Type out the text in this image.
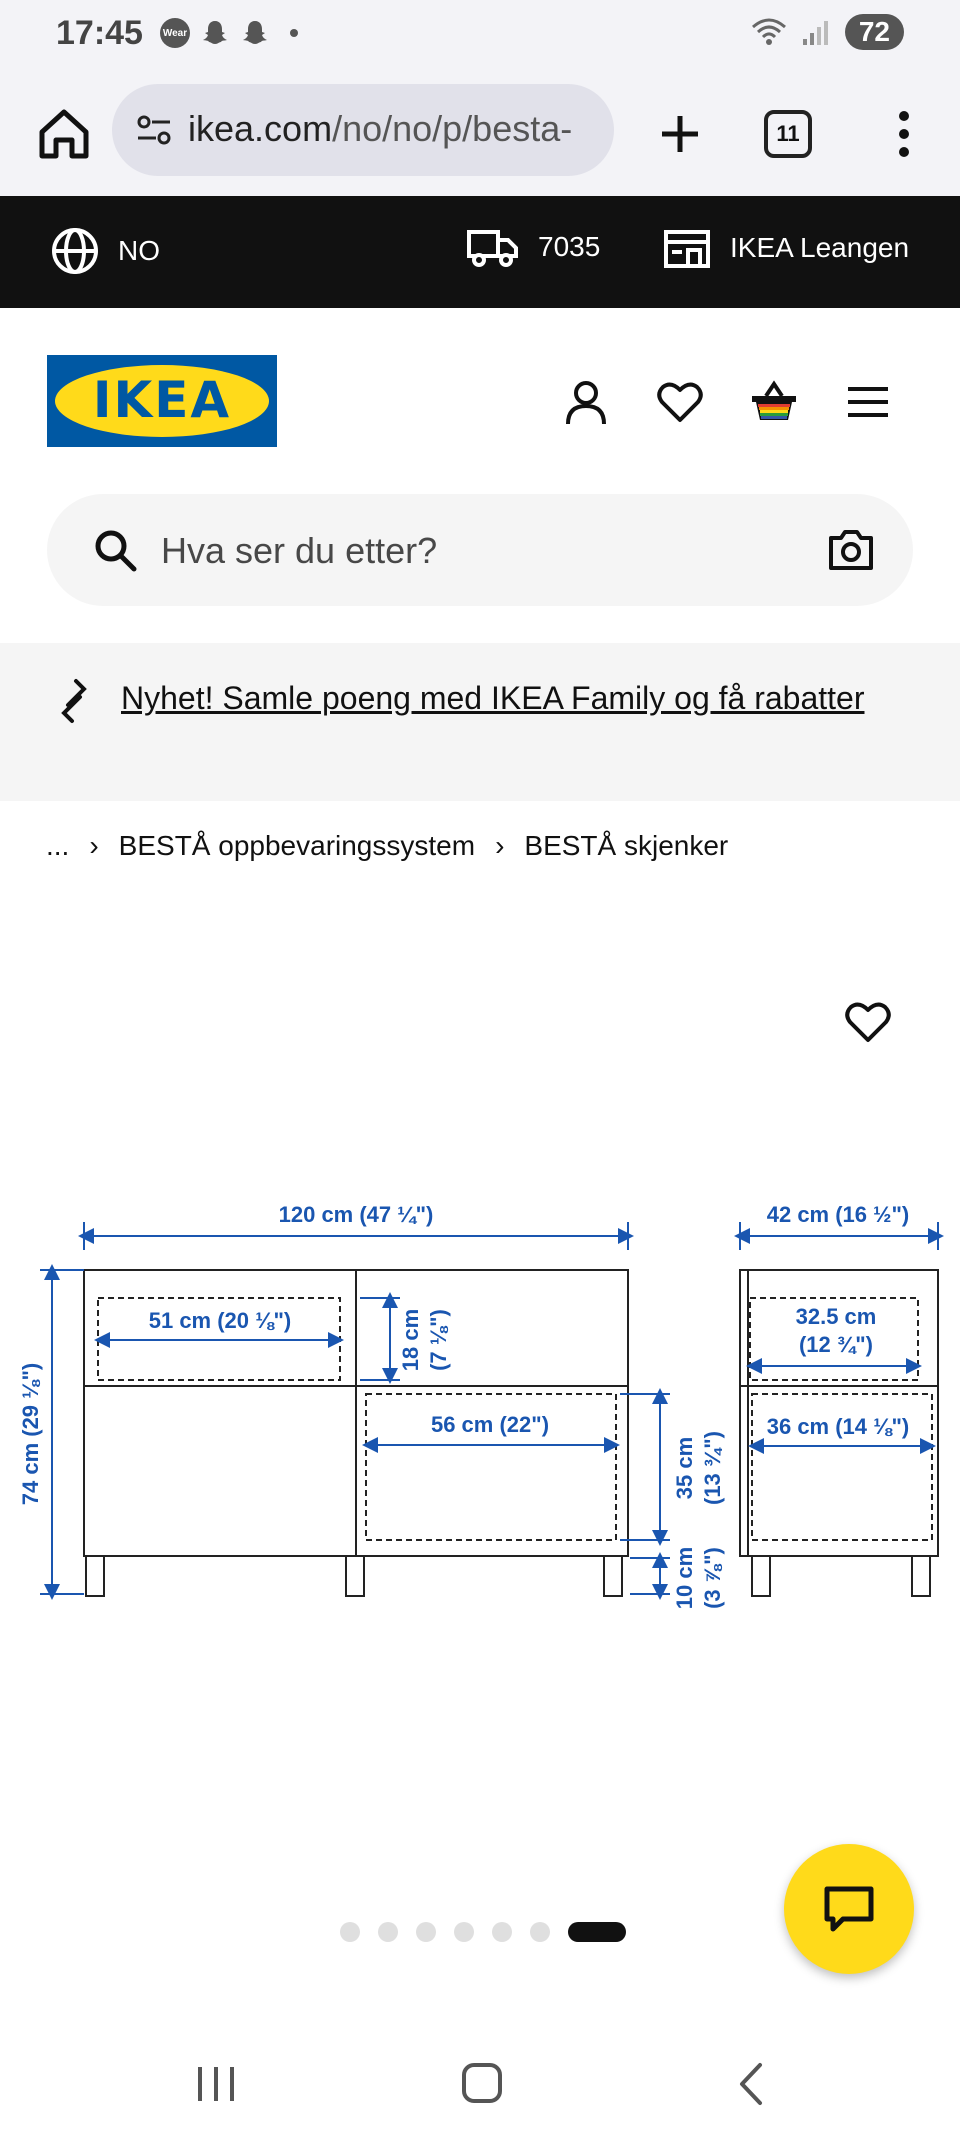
17:45 Wear	72
ikea.com/no/no/p/besta-	11
NO	7035	IKEA Leangen
IKEA
Hva ser du etter?
Nyhet! Samle poeng med IKEA Family og få rabatter
... › BESTÅ oppbevaringssystem › BESTÅ skjenker
120 cm (47 ¼")
74 cm (29 ⅛")
51 cm (20 ⅛")	18 cm (7 ⅛")
56 cm (22")
35 cm (13 ¾")
10 cm (3 ⅞")
42 cm (16 ½")
32.5 cm
(12 ¾")
36 cm (14 ⅛")
